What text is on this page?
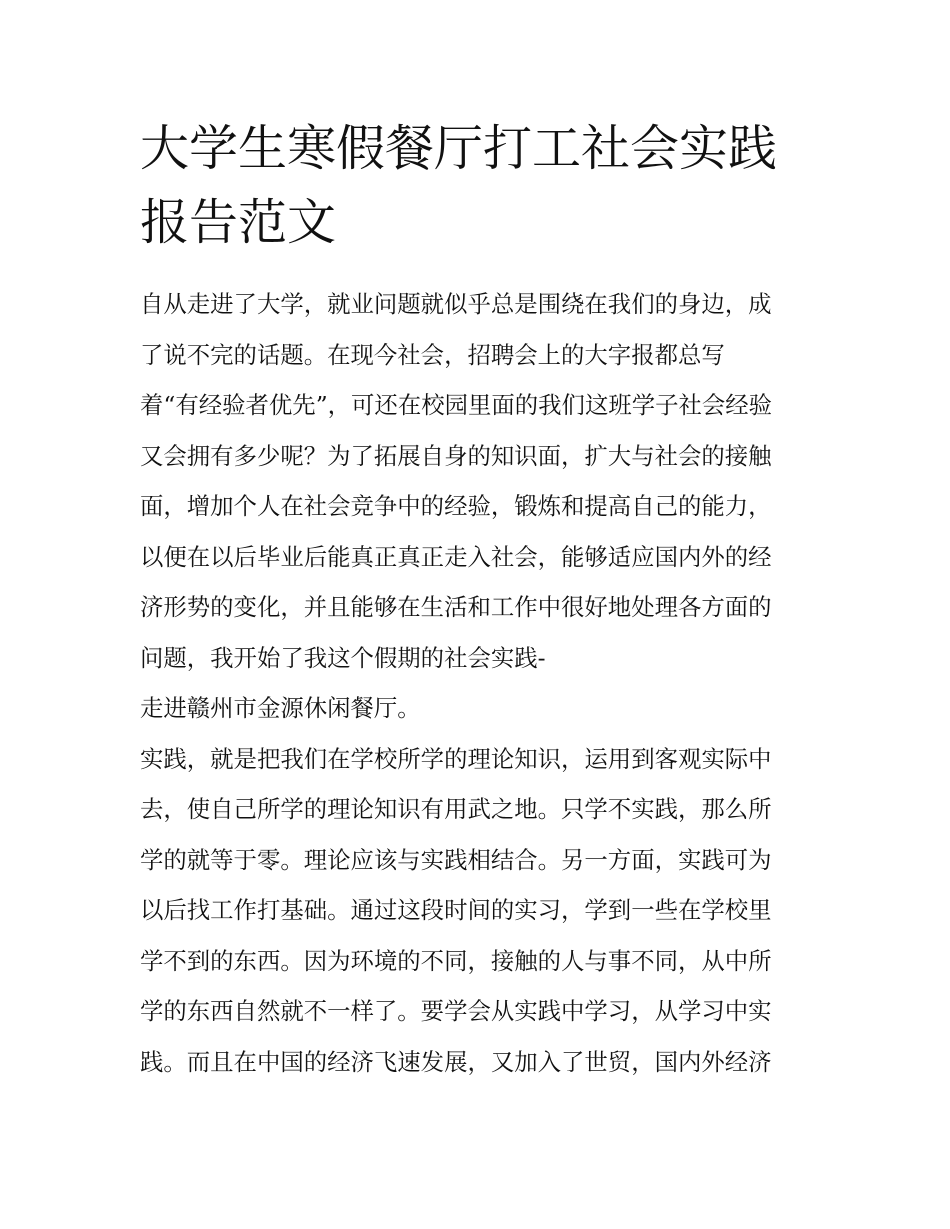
大学生寒假餐厅打工社会实践
报告范文
自从走进了大学，就业问题就似乎总是围绕在我们的身边，成
了说不完的话题。在现今社会，招聘会上的大字报都总写
着“有经验者优先”，可还在校园里面的我们这班学子社会经验
又会拥有多少呢？为了拓展自身的知识面，扩大与社会的接触
面，增加个人在社会竞争中的经验，锻炼和提高自己的能力，
以便在以后毕业后能真正真正走入社会，能够适应国内外的经
济形势的变化，并且能够在生活和工作中很好地处理各方面的
问题，我开始了我这个假期的社会实践-
走进赣州市金源休闲餐厅。
实践，就是把我们在学校所学的理论知识，运用到客观实际中
去，使自己所学的理论知识有用武之地。只学不实践，那么所
学的就等于零。理论应该与实践相结合。另一方面，实践可为
以后找工作打基础。通过这段时间的实习，学到一些在学校里
学不到的东西。因为环境的不同，接触的人与事不同，从中所
学的东西自然就不一样了。要学会从实践中学习，从学习中实
践。而且在中国的经济飞速发展，又加入了世贸，国内外经济
